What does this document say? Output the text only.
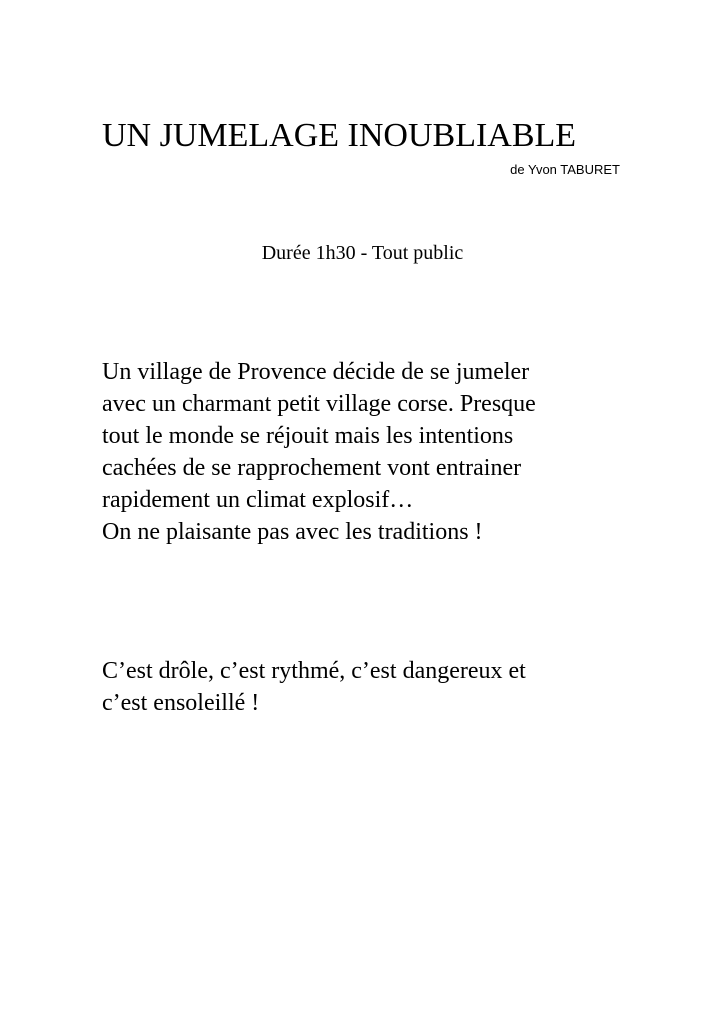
UN JUMELAGE INOUBLIABLE
de Yvon TABURET
Durée 1h30 - Tout public
Un village de Provence décide de se jumeler
avec un charmant petit village corse. Presque
tout le monde se réjouit mais les intentions
cachées de se rapprochement vont entrainer
rapidement un climat explosif…
On ne plaisante pas avec les traditions !
C’est drôle, c’est rythmé, c’est dangereux et
c’est ensoleillé !
